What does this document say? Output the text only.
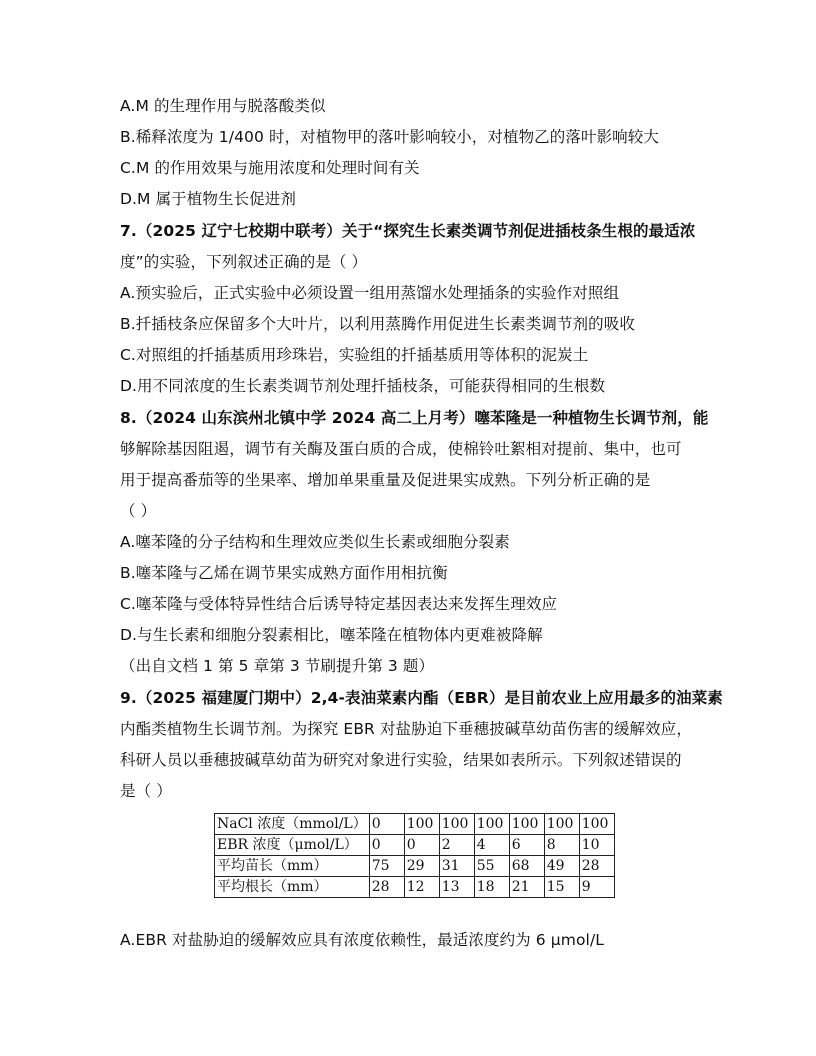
A.M 的生理作用与脱落酸类似
B.稀释浓度为 1/400 时，对植物甲的落叶影响较小，对植物乙的落叶影响较大
C.M 的作用效果与施用浓度和处理时间有关
D.M 属于植物生长促进剂
7.（2025 辽宁七校期中联考）关于“探究生长素类调节剂促进插枝条生根的最适浓
度”的实验，下列叙述正确的是（ ）
A.预实验后，正式实验中必须设置一组用蒸馏水处理插条的实验作对照组
B.扦插枝条应保留多个大叶片，以利用蒸腾作用促进生长素类调节剂的吸收
C.对照组的扦插基质用珍珠岩，实验组的扦插基质用等体积的泥炭土
D.用不同浓度的生长素类调节剂处理扦插枝条，可能获得相同的生根数
8.（2024 山东滨州北镇中学 2024 高二上月考）噻苯隆是一种植物生长调节剂，能
够解除基因阻遏，调节有关酶及蛋白质的合成，使棉铃吐絮相对提前、集中，也可
用于提高番茄等的坐果率、增加单果重量及促进果实成熟。下列分析正确的是
（ ）
A.噻苯隆的分子结构和生理效应类似生长素或细胞分裂素
B.噻苯隆与乙烯在调节果实成熟方面作用相抗衡
C.噻苯隆与受体特异性结合后诱导特定基因表达来发挥生理效应
D.与生长素和细胞分裂素相比，噻苯隆在植物体内更难被降解
（出自文档 1 第 5 章第 3 节刷提升第 3 题）
9.（2025 福建厦门期中）2,4-表油菜素内酯（EBR）是目前农业上应用最多的油菜素
内酯类植物生长调节剂。为探究 EBR 对盐胁迫下垂穗披碱草幼苗伤害的缓解效应，
科研人员以垂穗披碱草幼苗为研究对象进行实验，结果如表所示。下列叙述错误的
是（ ）
NaCl 浓度（mmol/L）	0	100	100	100	100	100	100
EBR 浓度（μmol/L）	0	0	2	4	6	8	10
平均苗长（mm）	75	29	31	55	68	49	28
平均根长（mm）	28	12	13	18	21	15	9
A.EBR 对盐胁迫的缓解效应具有浓度依赖性，最适浓度约为 6 μmol/L
